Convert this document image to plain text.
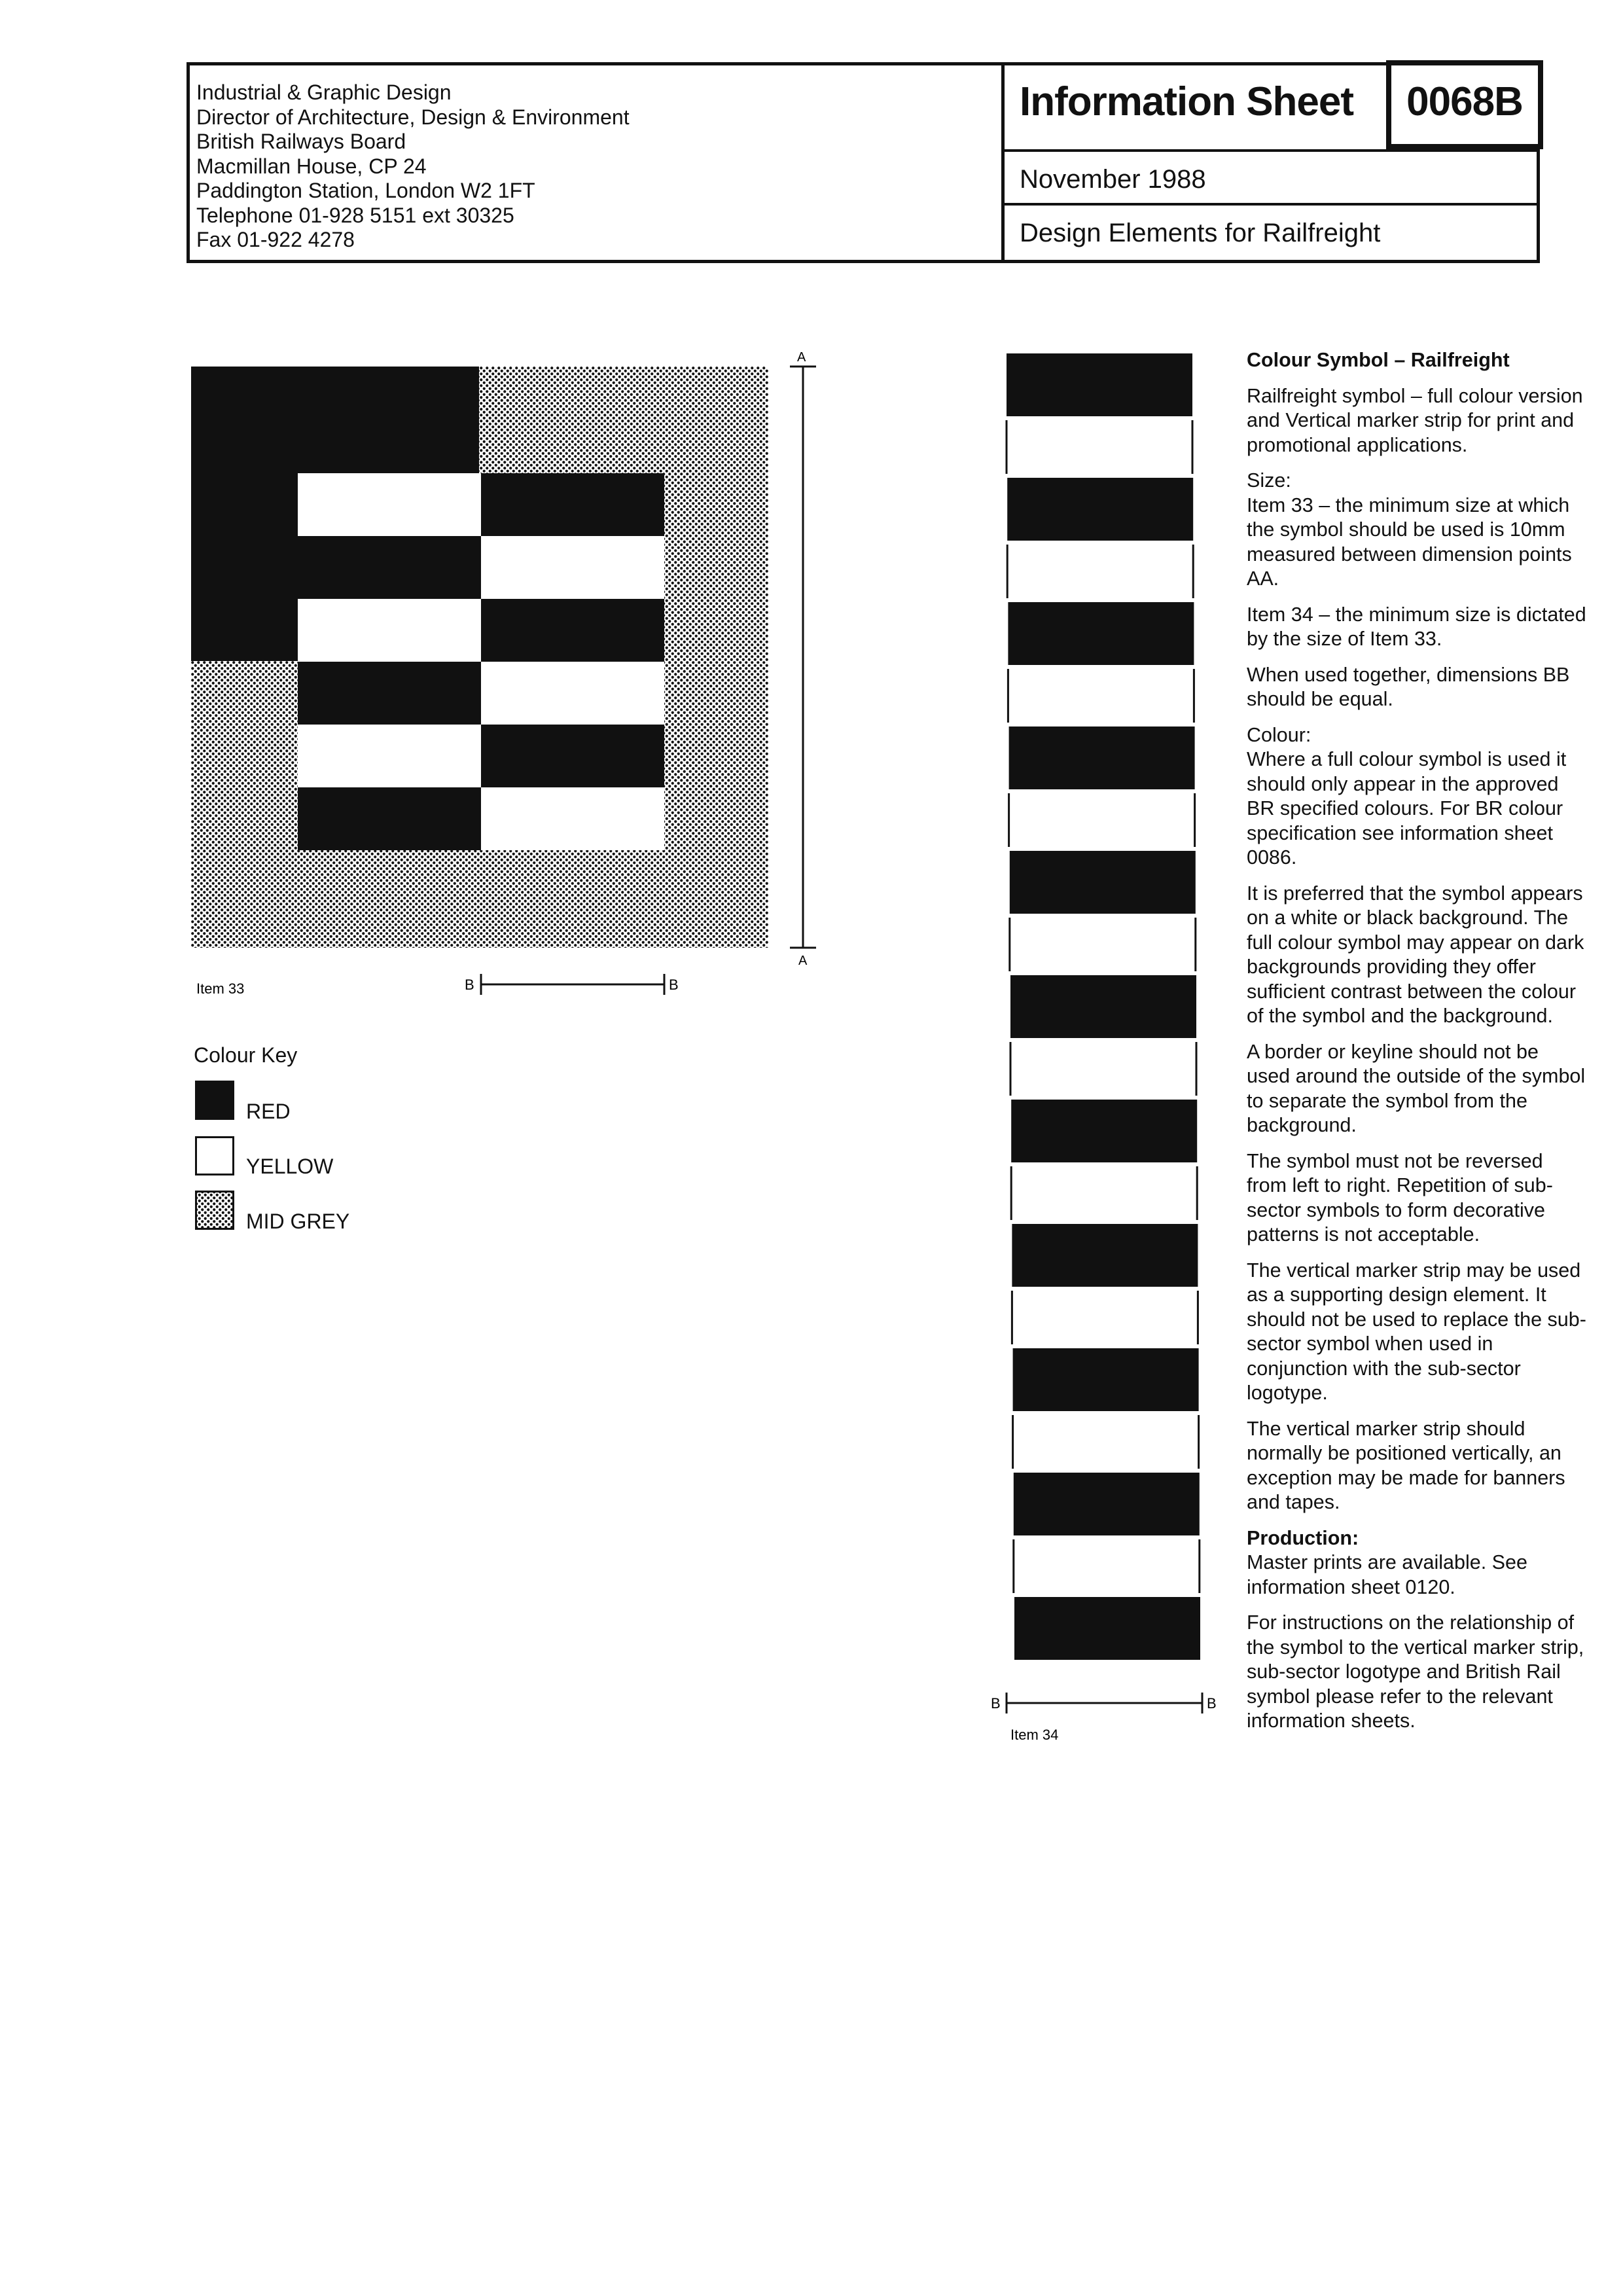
Industrial & Graphic Design
Director of Architecture, Design & Environment
British Railways Board
Macmillan House, CP 24
Paddington Station, London W2 1FT
Telephone 01-928 5151 ext 30325
Fax 01-922 4278
Information Sheet	0068B
November 1988
Design Elements for Railfreight
A
A
B	B
Item 33
Colour Key
RED
YELLOW
MID GREY
B	B
Item 34

Colour Symbol – Railfreight

Railfreight symbol – full colour version and Vertical marker strip for print and promotional applications.

Size:

Item 33 – the minimum size at which the symbol should be used is 10mm measured between dimension points AA.

Item 34 – the minimum size is dictated by the size of Item 33.

When used together, dimensions BB should be equal.

Colour:

Where a full colour symbol is used it should only appear in the approved BR specified colours. For BR colour specification see information sheet 0086.

It is preferred that the symbol appears on a white or black background. The full colour symbol may appear on dark backgrounds providing they offer sufficient contrast between the colour of the symbol and the background.

A border or keyline should not be used around the outside of the symbol to separate the symbol from the background.

The symbol must not be reversed from left to right. Repetition of sub-sector symbols to form decorative patterns is not acceptable.

The vertical marker strip may be used as a supporting design element. It should not be used to replace the sub-sector symbol when used in conjunction with the sub-sector logotype.

The vertical marker strip should normally be positioned vertically, an exception may be made for banners and tapes.

Production:

Master prints are available. See information sheet 0120.

For instructions on the relationship of the symbol to the vertical marker strip, sub-sector logotype and British Rail symbol please refer to the relevant information sheets.
